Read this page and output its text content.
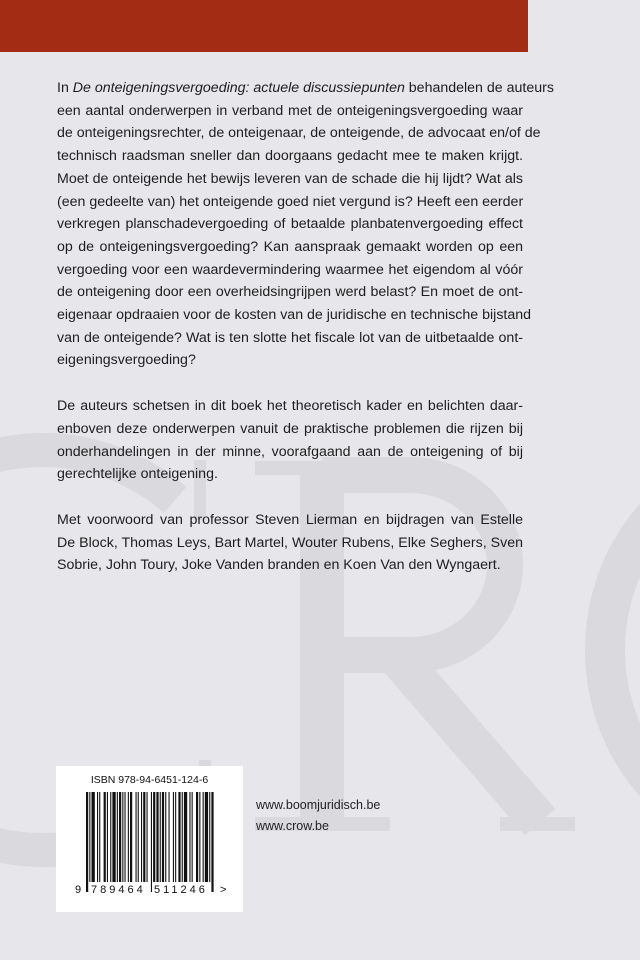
In De onteigeningsvergoeding: actuele discussiepunten behandelen de auteurs
een aantal onderwerpen in verband met de onteigeningsvergoeding waar
de onteigeningsrechter, de onteigenaar, de onteigende, de advocaat en/of de
technisch raadsman sneller dan doorgaans gedacht mee te maken krijgt.
Moet de onteigende het bewijs leveren van de schade die hij lijdt? Wat als
(een gedeelte van) het onteigende goed niet vergund is? Heeft een eerder
verkregen planschadevergoeding of betaalde planbatenvergoeding effect
op de onteigeningsvergoeding? Kan aanspraak gemaakt worden op een
vergoeding voor een waardevermindering waarmee het eigendom al vóór
de onteigening door een overheidsingrijpen werd belast? En moet de ont-
eigenaar opdraaien voor de kosten van de juridische en technische bijstand
van de onteigende? Wat is ten slotte het fiscale lot van de uitbetaalde ont-
eigeningsvergoeding?
De auteurs schetsen in dit boek het theoretisch kader en belichten daar-
enboven deze onderwerpen vanuit de praktische problemen die rijzen bij
onderhandelingen in der minne, voorafgaand aan de onteigening of bij
gerechtelijke onteigening.
Met voorwoord van professor Steven Lierman en bijdragen van Estelle
De Block, Thomas Leys, Bart Martel, Wouter Rubens, Elke Seghers, Sven
Sobrie, John Toury, Joke Vanden branden en Koen Van den Wyngaert.
ISBN 978-94-6451-124-6
9 789464 511246 >
www.boomjuridisch.be
www.crow.be
